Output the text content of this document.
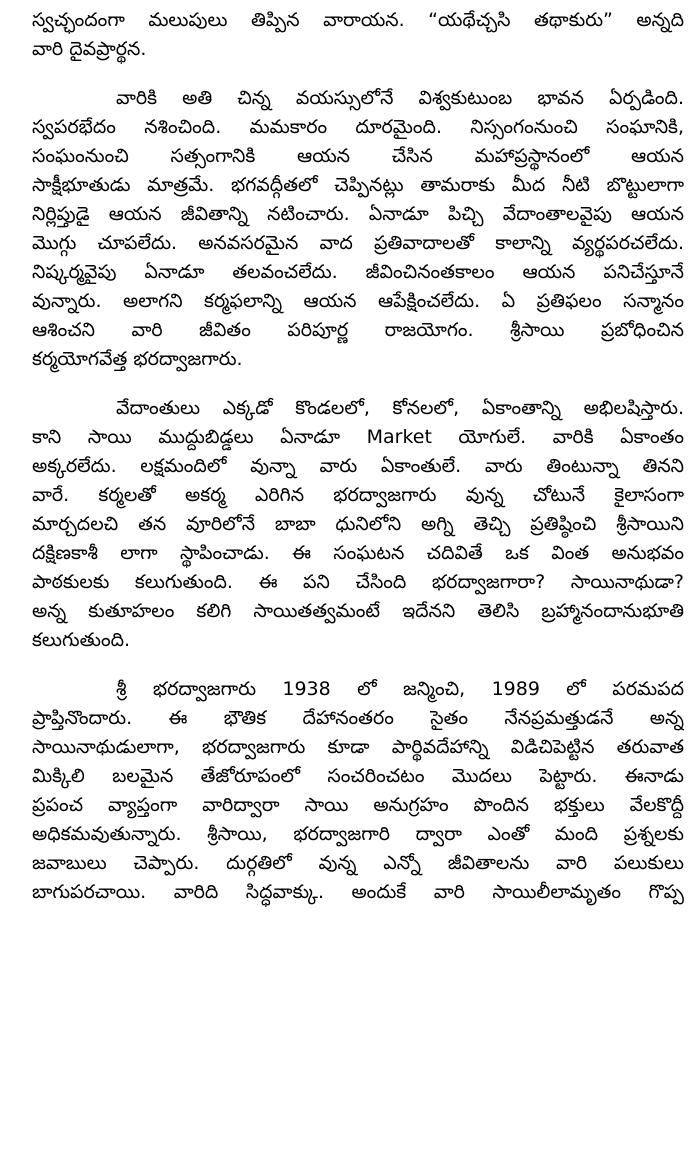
స్వచ్ఛందంగా మలుపులు తిప్పిన వారాయన. “యథేచ్చసి తథాకురు” అన్నది
వారి దైవప్రార్థన.
వారికి అతి చిన్న వయస్సులోనే విశ్వకుటుంబ భావన ఏర్పడింది.
స్వపరభేదం నశించింది. మమకారం దూరమైంది. నిస్సంగంనుంచి సంఘానికి,
సంఘంనుంచి సత్సంగానికి ఆయన చేసిన మహాప్రస్థానంలో ఆయన
సాక్షీభూతుడు మాత్రమే. భగవద్గీతలో చెప్పినట్లు తామరాకు మీద నీటి బొట్టులాగా
నిర్లిప్తుడై ఆయన జీవితాన్ని నటించారు. ఏనాడూ పిచ్చి వేదాంతాలవైపు ఆయన
మొగ్గు చూపలేదు. అనవసరమైన వాద ప్రతివాదాలతో కాలాన్ని వ్యర్థపరచలేదు.
నిష్కర్మవైపు ఏనాడూ తలవంచలేదు. జీవించినంతకాలం ఆయన పనిచేస్తూనే
వున్నారు. అలాగని కర్మఫలాన్ని ఆయన ఆపేక్షించలేదు. ఏ ప్రతిఫలం సన్మానం
ఆశించని వారి జీవితం పరిపూర్ణ రాజయోగం. శ్రీసాయి ప్రబోధించిన
కర్మయోగవేత్త భరద్వాజగారు.
వేదాంతులు ఎక్కడో కొండలలో, కోనలలో, ఏకాంతాన్ని అభిలషిస్తారు.
కాని సాయి ముద్దుబిడ్డలు ఏనాడూ Market యోగులే. వారికి ఏకాంతం
అక్కరలేదు. లక్షమందిలో వున్నా వారు ఏకాంతులే. వారు తింటున్నా తినని
వారే. కర్మలతో అకర్మ ఎరిగిన భరద్వాజగారు వున్న చోటునే కైలాసంగా
మార్చదలచి తన వూరిలోనే బాబా ధునిలోని అగ్ని తెచ్చి ప్రతిష్ఠించి శ్రీసాయిని
దక్షిణకాశీ లాగా స్థాపించాడు. ఈ సంఘటన చదివితే ఒక వింత అనుభవం
పాఠకులకు కలుగుతుంది. ఈ పని చేసింది భరద్వాజగారా? సాయినాథుడా?
అన్న కుతూహలం కలిగి సాయితత్వమంటే ఇదేనని తెలిసి బ్రహ్మానందానుభూతి
కలుగుతుంది.
శ్రీ భరద్వాజగారు 1938 లో జన్మించి, 1989 లో పరమపద
ప్రాప్తినొందారు. ఈ భౌతిక దేహానంతరం సైతం నేనప్రమత్తుడనే అన్న
సాయినాథుడులాగా, భరద్వాజగారు కూడా పార్థివదేహాన్ని విడిచిపెట్టిన తరువాత
మిక్కిలి బలమైన తేజోరూపంలో సంచరించటం మొదలు పెట్టారు. ఈనాడు
ప్రపంచ వ్యాప్తంగా వారిద్వారా సాయి అనుగ్రహం పొందిన భక్తులు వేలకొద్దీ
అధికమవుతున్నారు. శ్రీసాయి, భరద్వాజగారి ద్వారా ఎంతో మంది ప్రశ్నలకు
జవాబులు చెప్పారు. దుర్గతిలో వున్న ఎన్నో జీవితాలను వారి పలుకులు
బాగుపరచాయి. వారిది సిద్ధవాక్కు. అందుకే వారి సాయిలీలామృతం గొప్ప
